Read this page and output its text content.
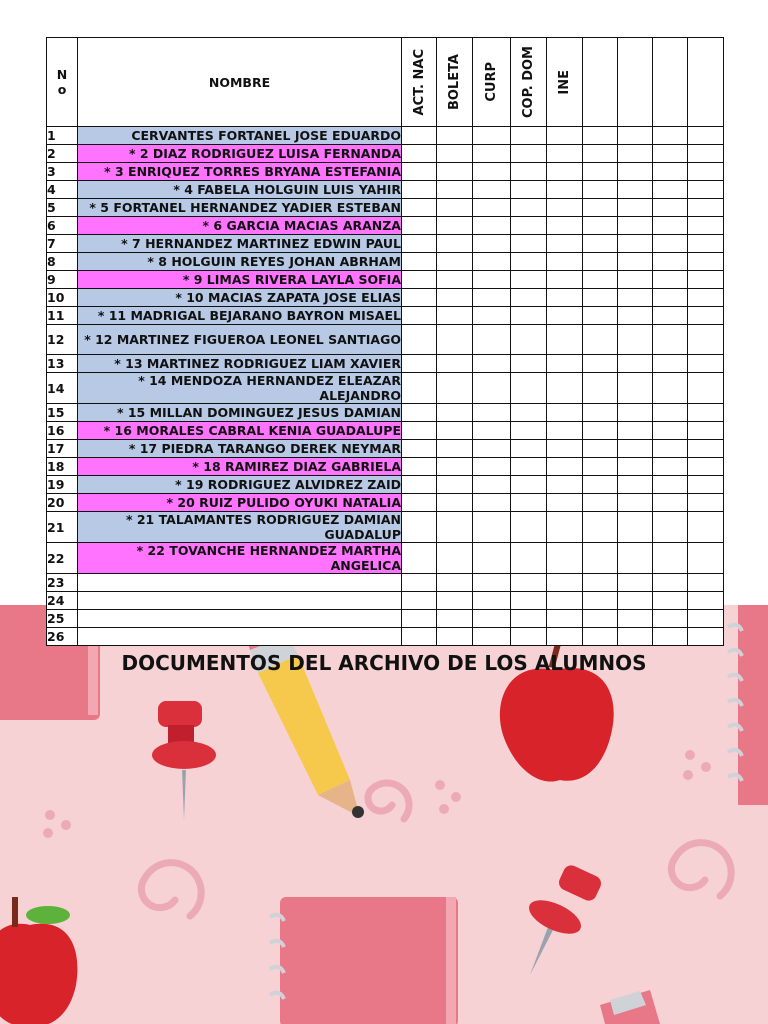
N
o	NOMBRE	ACT. NAC	BOLETA	CURP	COP. DOM	INE				

1	CERVANTES FORTANEL JOSE EDUARDO									
2	* 2 DIAZ RODRIGUEZ LUISA FERNANDA									
3	* 3 ENRIQUEZ TORRES BRYANA ESTEFANIA									
4	* 4 FABELA HOLGUIN LUIS YAHIR									
5	* 5 FORTANEL HERNANDEZ YADIER ESTEBAN									
6	* 6 GARCIA MACIAS ARANZA									
7	* 7 HERNANDEZ MARTINEZ EDWIN PAUL									
8	* 8 HOLGUIN REYES JOHAN ABRHAM									
9	* 9 LIMAS RIVERA LAYLA SOFIA									
10	* 10 MACIAS ZAPATA JOSE ELIAS									
11	* 11 MADRIGAL BEJARANO BAYRON MISAEL									
12	* 12 MARTINEZ FIGUEROA LEONEL SANTIAGO									
13	* 13 MARTINEZ RODRIGUEZ LIAM XAVIER									
14	* 14 MENDOZA HERNANDEZ ELEAZAR ALEJANDRO									
15	* 15 MILLAN DOMINGUEZ JESUS DAMIAN									
16	* 16 MORALES CABRAL KENIA GUADALUPE									
17	* 17 PIEDRA TARANGO DEREK NEYMAR									
18	* 18 RAMIREZ DIAZ GABRIELA									
19	* 19 RODRIGUEZ ALVIDREZ ZAID									
20	* 20 RUIZ PULIDO OYUKI NATALIA									
21	* 21 TALAMANTES RODRIGUEZ DAMIAN GUADALUP									
22	* 22 TOVANCHE HERNANDEZ MARTHA ANGELICA									
23										
24										
25										
26										
DOCUMENTOS DEL ARCHIVO DE LOS ALUMNOS
